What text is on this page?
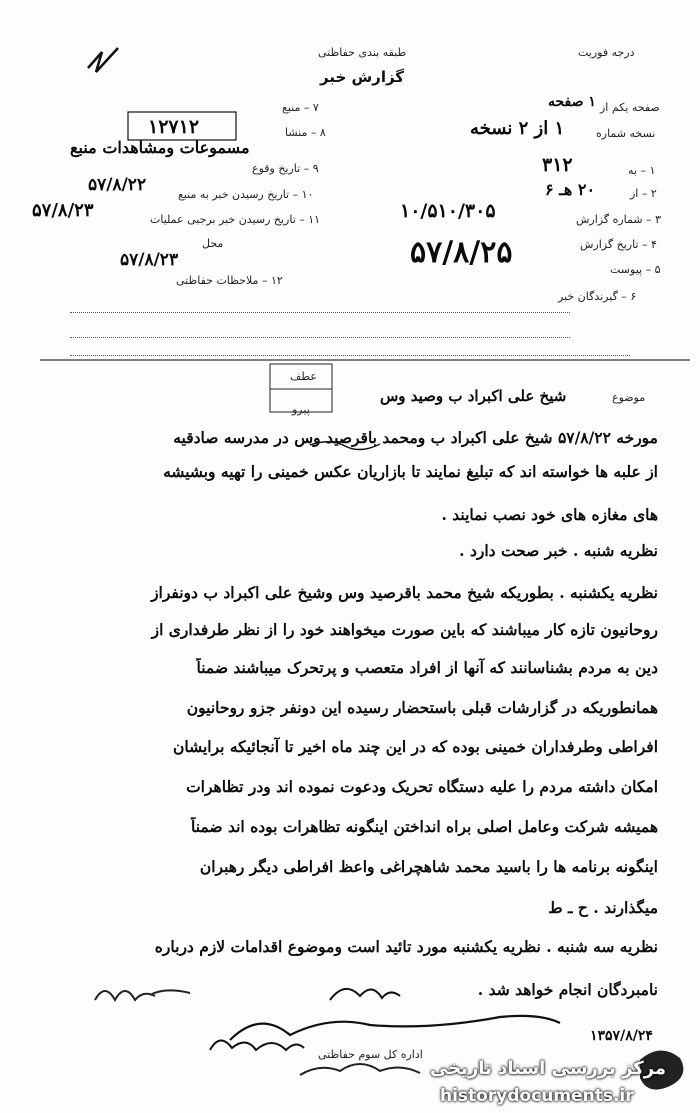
درجه فوریت
طبقه بندی حفاظتی
گزارش خبر
صفحه یکم از
نسخه شماره
۱ – به
۲ – از
۳ – شماره گزارش
۴ – تاریخ گزارش
۵ – پیوست
۶ – گیرندگان خبر
۱ صفحه
۱ از ۲ نسخه
۳۱۲
۲۰ هـ ۶
۱۰/۵۱۰/۳۰۵
۵۷/۸/۲۵
۷ – منبع
۸ – منشا
۹ – تاریخ وقوع
۱۰ – تاریخ رسیدن خبر به منبع
۱۱ – تاریخ رسیدن خبر برجبی عملیات
محل
۱۲ – ملاحظات حفاظتی
۱۲۷۱۲
مسموعات ومشاهدات منبع
۵۷/۸/۲۲
۵۷/۸/۲۳
۵۷/۸/۲۳
عطف
پیرو
موضوع
شیخ علی اکبراد ب وصید وس
مورخه ۵۷/۸/۲۲ شیخ علی اکبراد ب ومحمد باقرصید وس در مدرسه صادقیه
از علبه ها خواسته اند که تبلیغ نمایند تا بازاریان عکس خمینی را تهیه وبشیشه
های مغازه های خود نصب نمایند .
نظریه شنبه . خبر صحت دارد .
نظریه یکشنبه . بطوریکه شیخ محمد باقرصید وس وشیخ علی اکبراد ب دونفراز
روحانیون تازه کار میباشند که باین صورت میخواهند خود را از نظر طرفداری از
دین به مردم بشناسانند که آنها از افراد متعصب و پرتحرک میباشند ضمناً
همانطوریکه در گزارشات قبلی باستحضار رسیده این دونفر جزو روحانیون
افراطی وطرفداران خمینی بوده که در این چند ماه اخیر تا آنجائیکه برایشان
امکان داشته مردم را علیه دستگاه تحریک ودعوت نموده اند ودر تظاهرات
همیشه شرکت وعامل اصلی براه انداختن اینگونه تظاهرات بوده اند ضمناً
اینگونه برنامه ها را باسید محمد شاهچراغی واعظ افراطی دیگر رهبران
میگذارند . ح ـ ط
نظریه سه شنبه . نظریه یکشنبه مورد تائید است وموضوع اقدامات لازم درباره
نامبردگان انجام خواهد شد .
اداره کل سوم حفاظتی
۱۳۵۷/۸/۲۴
مرکز بررسی اسناد تاریخی
historydocuments.ir
